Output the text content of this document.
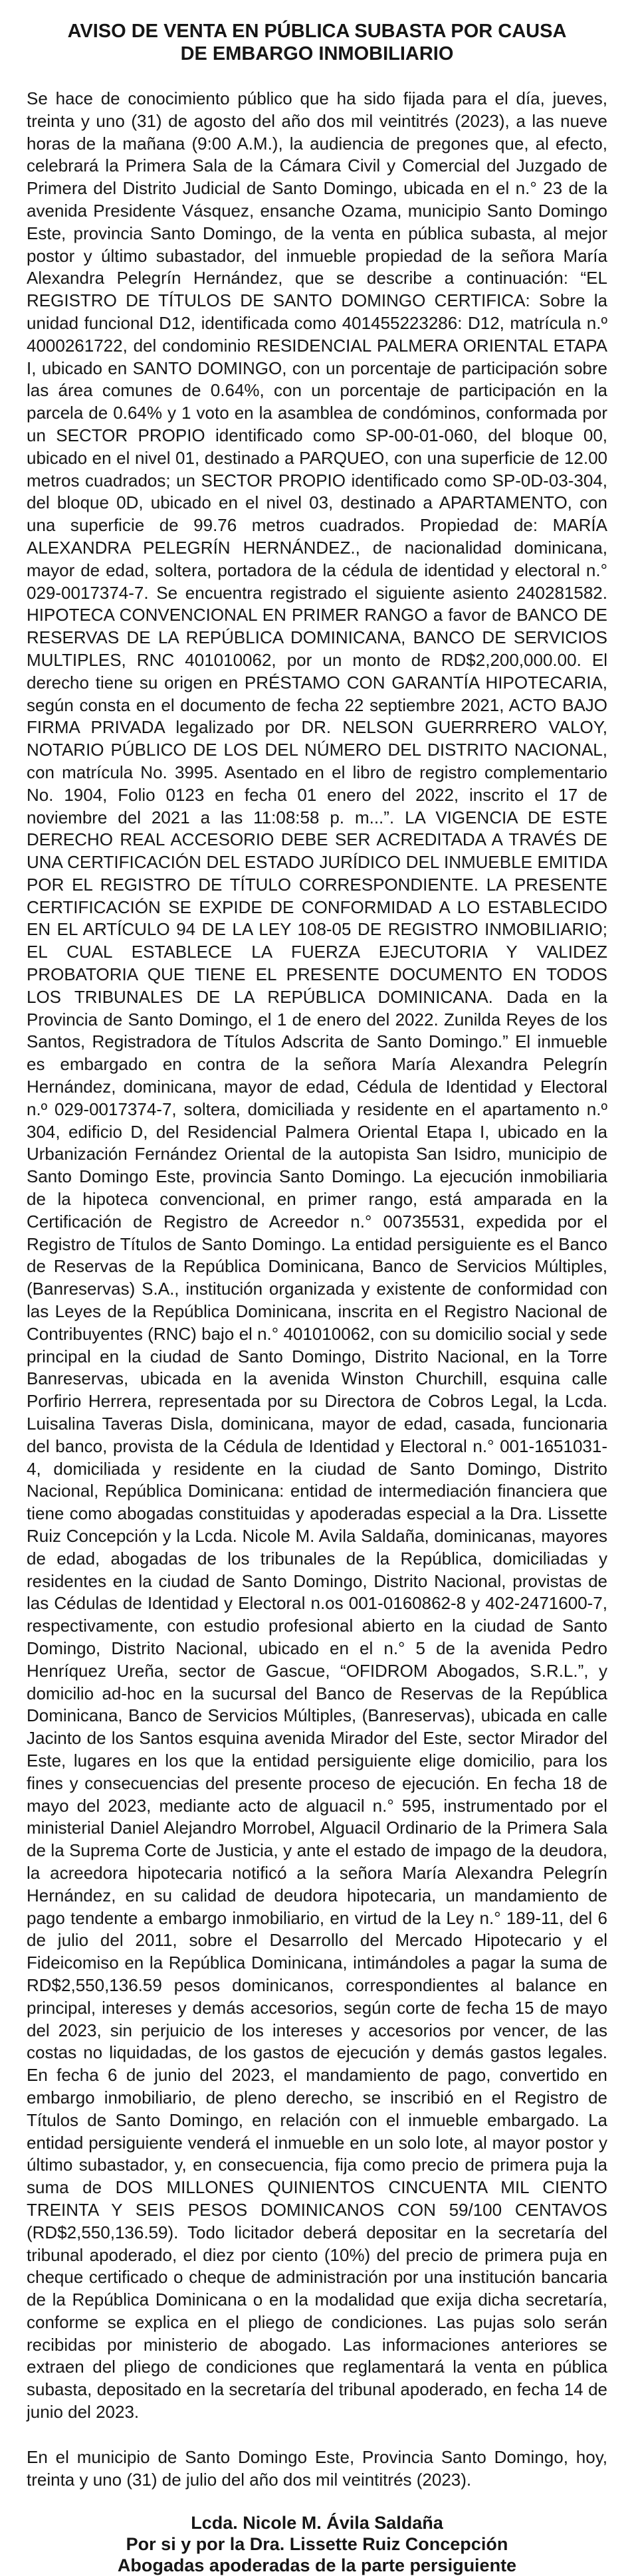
AVISO DE VENTA EN PÚBLICA SUBASTA POR CAUSA
DE EMBARGO INMOBILIARIO

Se hace de conocimiento público que ha sido fijada para el día, jueves, treinta y uno (31) de agosto del año dos mil veintitrés (2023), a las nueve horas de la mañana (9:00 A.M.), la audiencia de pregones que, al efecto, celebrará la Primera Sala de la Cámara Civil y Comercial del Juzgado de Primera del Distrito Judicial de Santo Domingo, ubicada en el n.° 23 de la avenida Presidente Vásquez, ensanche Ozama, municipio Santo Domingo Este, provincia Santo Domingo, de la venta en pública subasta, al mejor postor y último subastador, del inmueble propiedad de la señora María Alexandra Pelegrín Hernández, que se describe a continuación: “EL REGISTRO DE TÍTULOS DE SANTO DOMINGO CERTIFICA: Sobre la unidad funcional D12, identificada como 401455223286: D12, matrícula n.º 4000261722, del condominio RESIDENCIAL PALMERA ORIENTAL ETAPA I, ubicado en SANTO DOMINGO, con un porcentaje de participación sobre las área comunes de 0.64%, con un porcentaje de participación en la parcela de 0.64% y 1 voto en la asamblea de condóminos, conformada por un SECTOR PROPIO identificado como SP-00-01-060, del bloque 00, ubicado en el nivel 01, destinado a PARQUEO, con una superficie de 12.00 metros cuadrados; un SECTOR PROPIO identificado como SP-0D-03-304, del bloque 0D, ubicado en el nivel 03, destinado a APARTAMENTO, con una superficie de 99.76 metros cuadrados. Propiedad de: MARÍA ALEXANDRA PELEGRÍN HERNÁNDEZ., de nacionalidad dominicana, mayor de edad, soltera, portadora de la cédula de identidad y electoral n.° 029-0017374-7. Se encuentra registrado el siguiente asiento 240281582. HIPOTECA CONVENCIONAL EN PRIMER RANGO a favor de BANCO DE RESERVAS DE LA REPÚBLICA DOMINICANA, BANCO DE SERVICIOS MULTIPLES, RNC 401010062, por un monto de RD$2,200,000.00. El derecho tiene su origen en PRÉSTAMO CON GARANTÍA HIPOTECARIA, según consta en el documento de fecha 22 septiembre 2021, ACTO BAJO FIRMA PRIVADA legalizado por DR. NELSON GUERRRERO VALOY, NOTARIO PÚBLICO DE LOS DEL NÚMERO DEL DISTRITO NACIONAL, con matrícula No. 3995. Asentado en el libro de registro complementario No. 1904, Folio 0123 en fecha 01 enero del 2022, inscrito el 17 de noviembre del 2021 a las 11:08:58 p. m...”. LA VIGENCIA DE ESTE DERECHO REAL ACCESORIO DEBE SER ACREDITADA A TRAVÉS DE UNA CERTIFICACIÓN DEL ESTADO JURÍDICO DEL INMUEBLE EMITIDA POR EL REGISTRO DE TÍTULO CORRESPONDIENTE. LA PRESENTE CERTIFICACIÓN SE EXPIDE DE CONFORMIDAD A LO ESTABLECIDO EN EL ARTÍCULO 94 DE LA LEY 108-05 DE REGISTRO INMOBILIARIO; EL CUAL ESTABLECE LA FUERZA EJECUTORIA Y VALIDEZ PROBATORIA QUE TIENE EL PRESENTE DOCUMENTO EN TODOS LOS TRIBUNALES DE LA REPÚBLICA DOMINICANA. Dada en la Provincia de Santo Domingo, el 1 de enero del 2022. Zunilda Reyes de los Santos, Registradora de Títulos Adscrita de Santo Domingo.” El inmueble es embargado en contra de la señora María Alexandra Pelegrín Hernández, dominicana, mayor de edad, Cédula de Identidad y Electoral n.º 029-0017374-7, soltera, domiciliada y residente en el apartamento n.º 304, edificio D, del Residencial Palmera Oriental Etapa I, ubicado en la Urbanización Fernández Oriental de la autopista San Isidro, municipio de Santo Domingo Este, provincia Santo Domingo. La ejecución inmobiliaria de la hipoteca convencional, en primer rango, está amparada en la Certificación de Registro de Acreedor n.° 00735531, expedida por el Registro de Títulos de Santo Domingo. La entidad persiguiente es el Banco de Reservas de la República Dominicana, Banco de Servicios Múltiples, (Banreservas) S.A., institución organizada y existente de conformidad con las Leyes de la República Dominicana, inscrita en el Registro Nacional de Contribuyentes (RNC) bajo el n.° 401010062, con su domicilio social y sede principal en la ciudad de Santo Domingo, Distrito Nacional, en la Torre Banreservas, ubicada en la avenida Winston Churchill, esquina calle Porfirio Herrera, representada por su Directora de Cobros Legal, la Lcda. Luisalina Taveras Disla, dominicana, mayor de edad, casada, funcionaria del banco, provista de la Cédula de Identidad y Electoral n.° 001-1651031-4, domiciliada y residente en la ciudad de Santo Domingo, Distrito Nacional, República Dominicana: entidad de intermediación financiera que tiene como abogadas constituidas y apoderadas especial a la Dra. Lissette Ruiz Concepción y la Lcda. Nicole M. Avila Saldaña, dominicanas, mayores de edad, abogadas de los tribunales de la República, domiciliadas y residentes en la ciudad de Santo Domingo, Distrito Nacional, provistas de las Cédulas de Identidad y Electoral n.os 001-0160862-8 y 402-2471600-7, respectivamente, con estudio profesional abierto en la ciudad de Santo Domingo, Distrito Nacional, ubicado en el n.° 5 de la avenida Pedro Henríquez Ureña, sector de Gascue, “OFIDROM Abogados, S.R.L.”, y domicilio ad-hoc en la sucursal del Banco de Reservas de la República Dominicana, Banco de Servicios Múltiples, (Banreservas), ubicada en calle Jacinto de los Santos esquina avenida Mirador del Este, sector Mirador del Este, lugares en los que la entidad persiguiente elige domicilio, para los fines y consecuencias del presente proceso de ejecución. En fecha 18 de mayo del 2023, mediante acto de alguacil n.° 595, instrumentado por el ministerial Daniel Alejandro Morrobel, Alguacil Ordinario de la Primera Sala de la Suprema Corte de Justicia, y ante el estado de impago de la deudora, la acreedora hipotecaria notificó a la señora María Alexandra Pelegrín Hernández, en su calidad de deudora hipotecaria, un mandamiento de pago tendente a embargo inmobiliario, en virtud de la Ley n.° 189-11, del 6 de julio del 2011, sobre el Desarrollo del Mercado Hipotecario y el Fideicomiso en la República Dominicana, intimándoles a pagar la suma de RD$2,550,136.59 pesos dominicanos, correspondientes al balance en principal, intereses y demás accesorios, según corte de fecha 15 de mayo del 2023, sin perjuicio de los intereses y accesorios por vencer, de las costas no liquidadas, de los gastos de ejecución y demás gastos legales. En fecha 6 de junio del 2023, el mandamiento de pago, convertido en embargo inmobiliario, de pleno derecho, se inscribió en el Registro de Títulos de Santo Domingo, en relación con el inmueble embargado. La entidad persiguiente venderá el inmueble en un solo lote, al mayor postor y último subastador, y, en consecuencia, fija como precio de primera puja la suma de DOS MILLONES QUINIENTOS CINCUENTA MIL CIENTO TREINTA Y SEIS PESOS DOMINICANOS CON 59/100 CENTAVOS (RD$2,550,136.59). Todo licitador deberá depositar en la secretaría del tribunal apoderado, el diez por ciento (10%) del precio de primera puja en cheque certificado o cheque de administración por una institución bancaria de la República Dominicana o en la modalidad que exija dicha secretaría, conforme se explica en el pliego de condiciones. Las pujas solo serán recibidas por ministerio de abogado. Las informaciones anteriores se extraen del pliego de condiciones que reglamentará la venta en pública subasta, depositado en la secretaría del tribunal apoderado, en fecha 14 de junio del 2023.

En el municipio de Santo Domingo Este, Provincia Santo Domingo, hoy, treinta y uno (31) de julio del año dos mil veintitrés (2023).

Lcda. Nicole M. Ávila Saldaña
Por si y por la Dra. Lissette Ruiz Concepción
Abogadas apoderadas de la parte persiguiente
